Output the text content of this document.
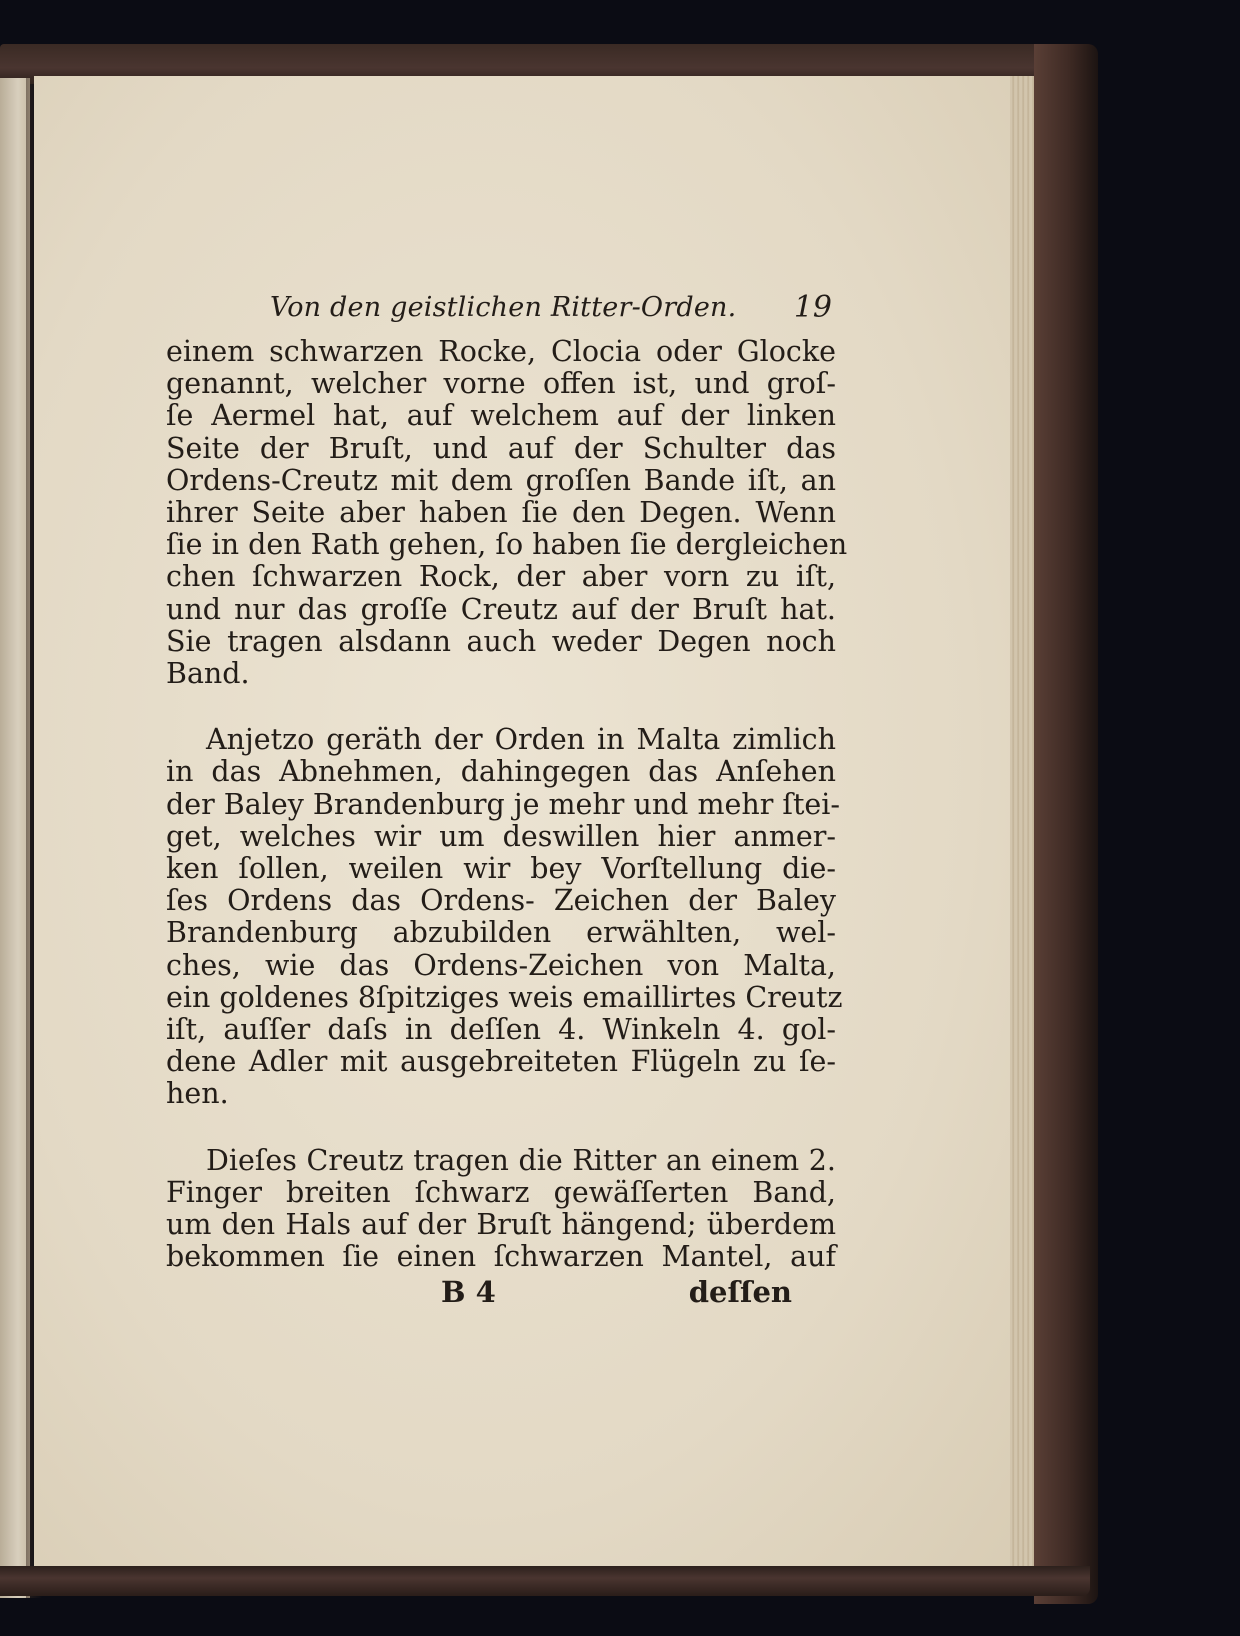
Von den geistlichen Ritter-Orden. 19
einem schwarzen Rocke, Clocia oder Glocke
genannt, welcher vorne offen ist, und groſ-
ſe Aermel hat, auf welchem auf der linken
Seite der Bruſt, und auf der Schulter das
Ordens-Creutz mit dem groſſen Bande iſt, an
ihrer Seite aber haben ſie den Degen. Wenn
ſie in den Rath gehen, ſo haben ſie dergleichen
chen ſchwarzen Rock, der aber vorn zu iſt,
und nur das groſſe Creutz auf der Bruſt hat.
Sie tragen alsdann auch weder Degen noch
Band.
Anjetzo geräth der Orden in Malta zimlich
in das Abnehmen, dahingegen das Anſehen
der Baley Brandenburg je mehr und mehr ſtei-
get, welches wir um deswillen hier anmer-
ken ſollen, weilen wir bey Vorſtellung die-
ſes Ordens das Ordens- Zeichen der Baley
Brandenburg abzubilden erwählten, wel-
ches, wie das Ordens-Zeichen von Malta,
ein goldenes 8ſpitziges weis emaillirtes Creutz
iſt, auſſer daſs in deſſen 4. Winkeln 4. gol-
dene Adler mit ausgebreiteten Flügeln zu ſe-
hen.
Dieſes Creutz tragen die Ritter an einem 2.
Finger breiten ſchwarz gewäſſerten Band,
um den Hals auf der Bruſt hängend; überdem
bekommen ſie einen ſchwarzen Mantel, auf
B 4	deſſen
